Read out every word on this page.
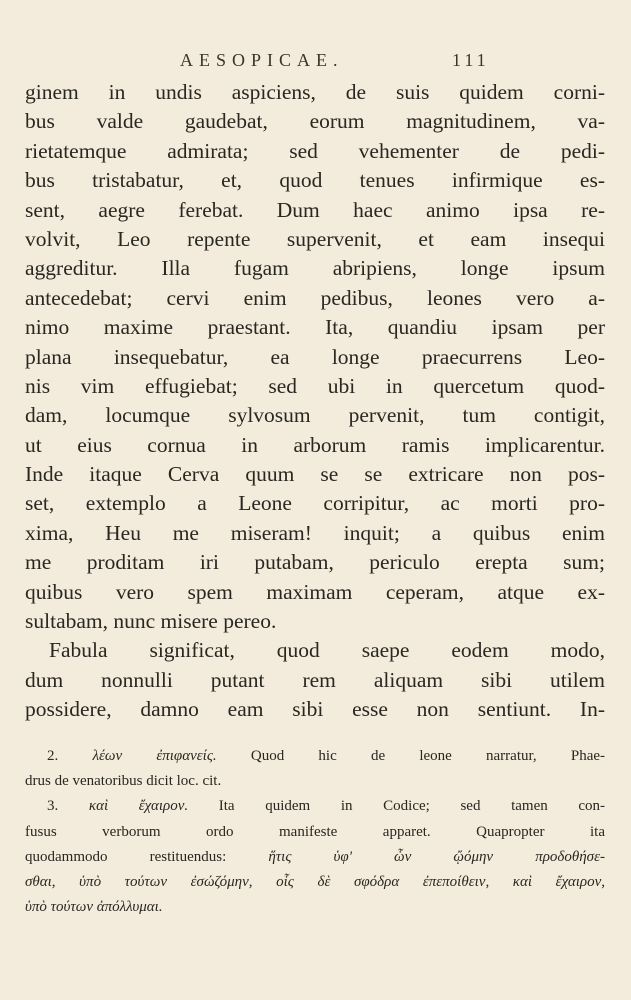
AESOPICAE.	111
ginem in undis aspiciens, de suis quidem corni-
bus valde gaudebat, eorum magnitudinem, va-
rietatemque admirata; sed vehementer de pedi-
bus tristabatur, et, quod tenues infirmique es-
sent, aegre ferebat. Dum haec animo ipsa re-
volvit, Leo repente supervenit, et eam insequi
aggreditur. Illa fugam abripiens, longe ipsum
antecedebat; cervi enim pedibus, leones vero a-
nimo maxime praestant. Ita, quandiu ipsam per
plana insequebatur, ea longe praecurrens Leo-
nis vim effugiebat; sed ubi in quercetum quod-
dam, locumque sylvosum pervenit, tum contigit,
ut eius cornua in arborum ramis implicarentur.
Inde itaque Cerva quum se se extricare non pos-
set, extemplo a Leone corripitur, ac morti pro-
xima, Heu me miseram! inquit; a quibus enim
me proditam iri putabam, periculo erepta sum;
quibus vero spem maximam ceperam, atque ex-
sultabam, nunc misere pereo.
Fabula significat, quod saepe eodem modo,
dum nonnulli putant rem aliquam sibi utilem
possidere, damno eam sibi esse non sentiunt. In-
2. λέων ἐπιφανείς. Quod hic de leone narratur, Phae-
drus de venatoribus dicit loc. cit.
3. καὶ ἔχαιρον. Ita quidem in Codice; sed tamen con-
fusus verborum ordo manifeste apparet. Quapropter ita
quodammodo restituendus:	ἥτις ὑφ' ὧν ᾤόμην προδοθήσε-
σθαι, ὑπὸ τούτων ἐσώζόμην, οἷς δὲ σφόδρα ἐπεποίθειν, καὶ ἔχαιρον,
ὑπὸ τούτων ἀπόλλυμαι.
